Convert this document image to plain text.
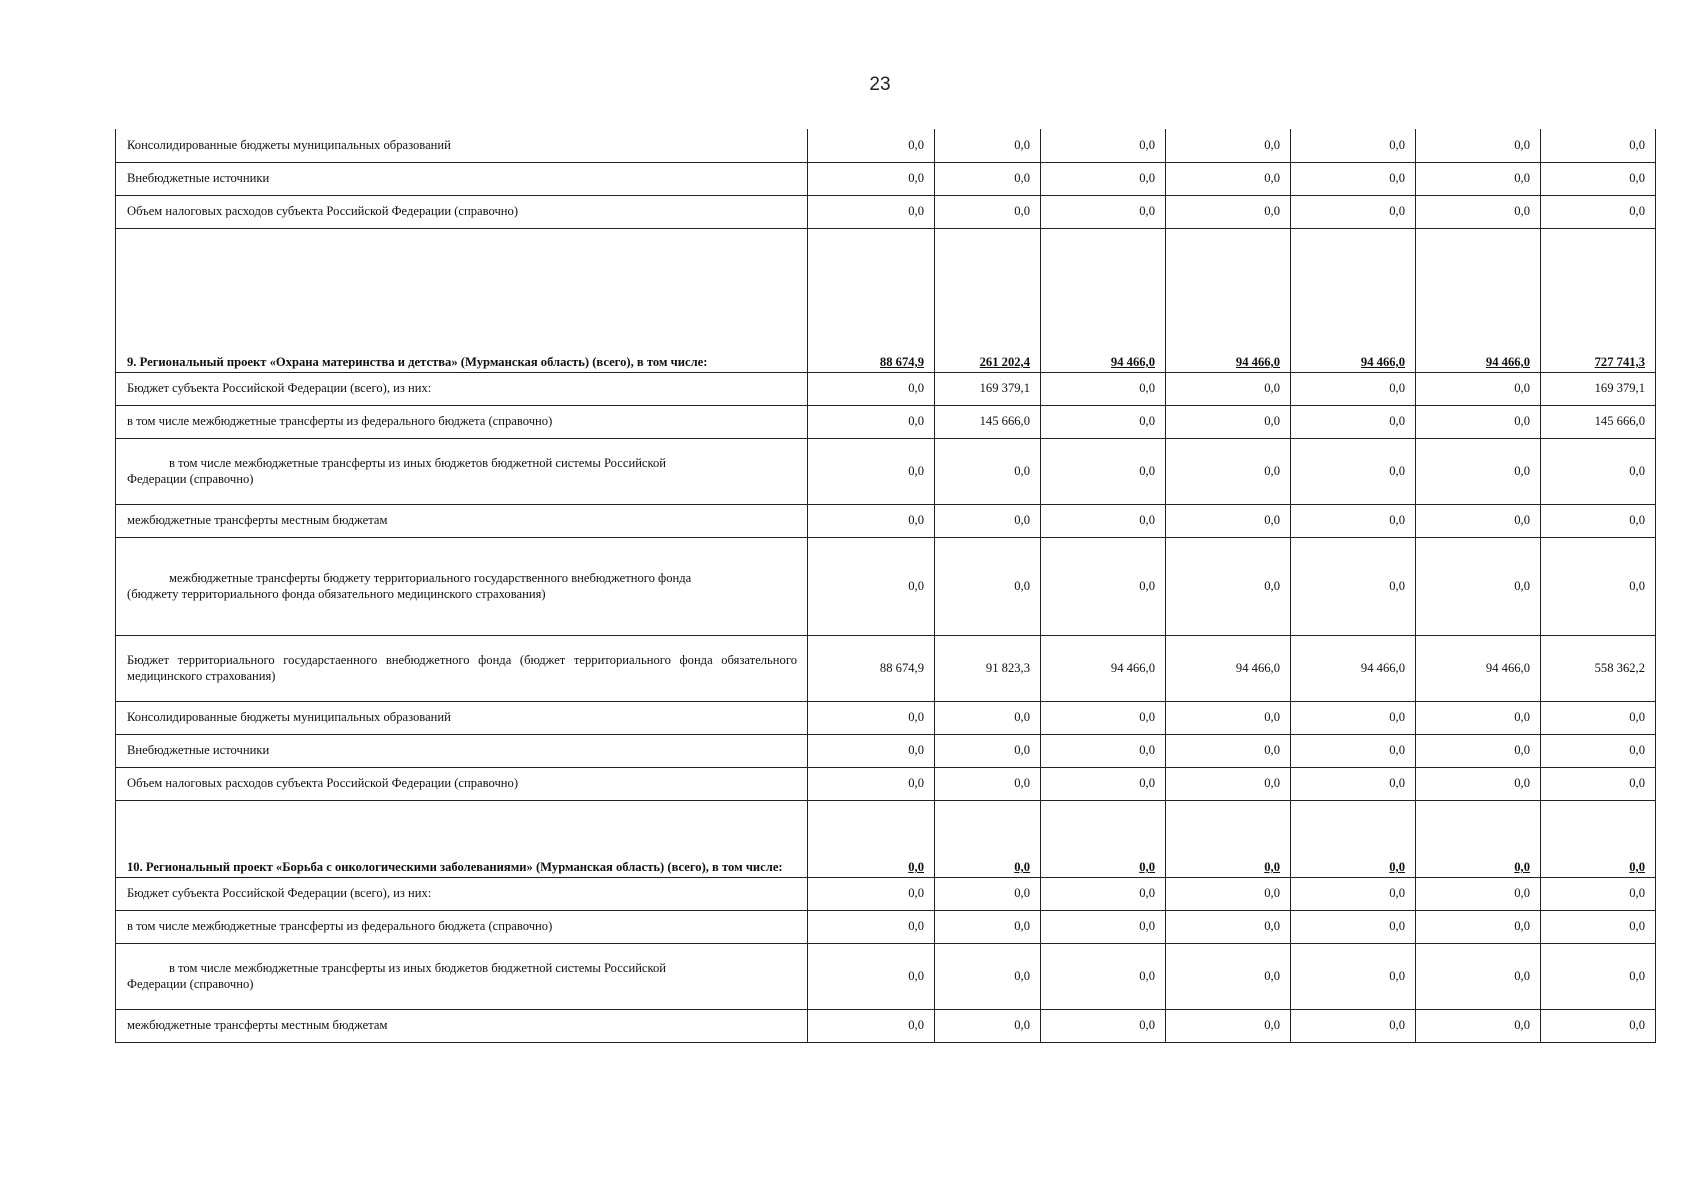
23
Консолидированные бюджеты муниципальных образований	0,0	0,0	0,0	0,0	0,0	0,0	0,0
Внебюджетные источники	0,0	0,0	0,0	0,0	0,0	0,0	0,0
Объем налоговых расходов субъекта Российской Федерации (справочно)	0,0	0,0	0,0	0,0	0,0	0,0	0,0
9. Региональный проект «Охрана материнства и детства» (Мурманская область) (всего), в том числе:	88 674,9	261 202,4	94 466,0	94 466,0	94 466,0	94 466,0	727 741,3
Бюджет субъекта Российской Федерации (всего), из них:	0,0	169 379,1	0,0	0,0	0,0	0,0	169 379,1
в том числе межбюджетные трансферты из федерального бюджета (справочно)	0,0	145 666,0	0,0	0,0	0,0	0,0	145 666,0
в том числе межбюджетные трансферты из иных бюджетов бюджетной системы Российской
Федерации (справочно)	0,0	0,0	0,0	0,0	0,0	0,0	0,0
межбюджетные трансферты местным бюджетам	0,0	0,0	0,0	0,0	0,0	0,0	0,0
межбюджетные трансферты бюджету территориального государственного внебюджетного фонда
(бюджету территориального фонда обязательного медицинского страхования)	0,0	0,0	0,0	0,0	0,0	0,0	0,0
Бюджет территориального государстаенного внебюджетного фонда (бюджет территориального фонда обязательного медицинского страхования)	88 674,9	91 823,3	94 466,0	94 466,0	94 466,0	94 466,0	558 362,2
Консолидированные бюджеты муниципальных образований	0,0	0,0	0,0	0,0	0,0	0,0	0,0
Внебюджетные источники	0,0	0,0	0,0	0,0	0,0	0,0	0,0
Объем налоговых расходов субъекта Российской Федерации (справочно)	0,0	0,0	0,0	0,0	0,0	0,0	0,0
10. Региональный проект «Борьба с онкологическими заболеваниями» (Мурманская область) (всего), в том числе:	0,0	0,0	0,0	0,0	0,0	0,0	0,0
Бюджет субъекта Российской Федерации (всего), из них:	0,0	0,0	0,0	0,0	0,0	0,0	0,0
в том числе межбюджетные трансферты из федерального бюджета (справочно)	0,0	0,0	0,0	0,0	0,0	0,0	0,0
в том числе межбюджетные трансферты из иных бюджетов бюджетной системы Российской
Федерации (справочно)	0,0	0,0	0,0	0,0	0,0	0,0	0,0
межбюджетные трансферты местным бюджетам	0,0	0,0	0,0	0,0	0,0	0,0	0,0
